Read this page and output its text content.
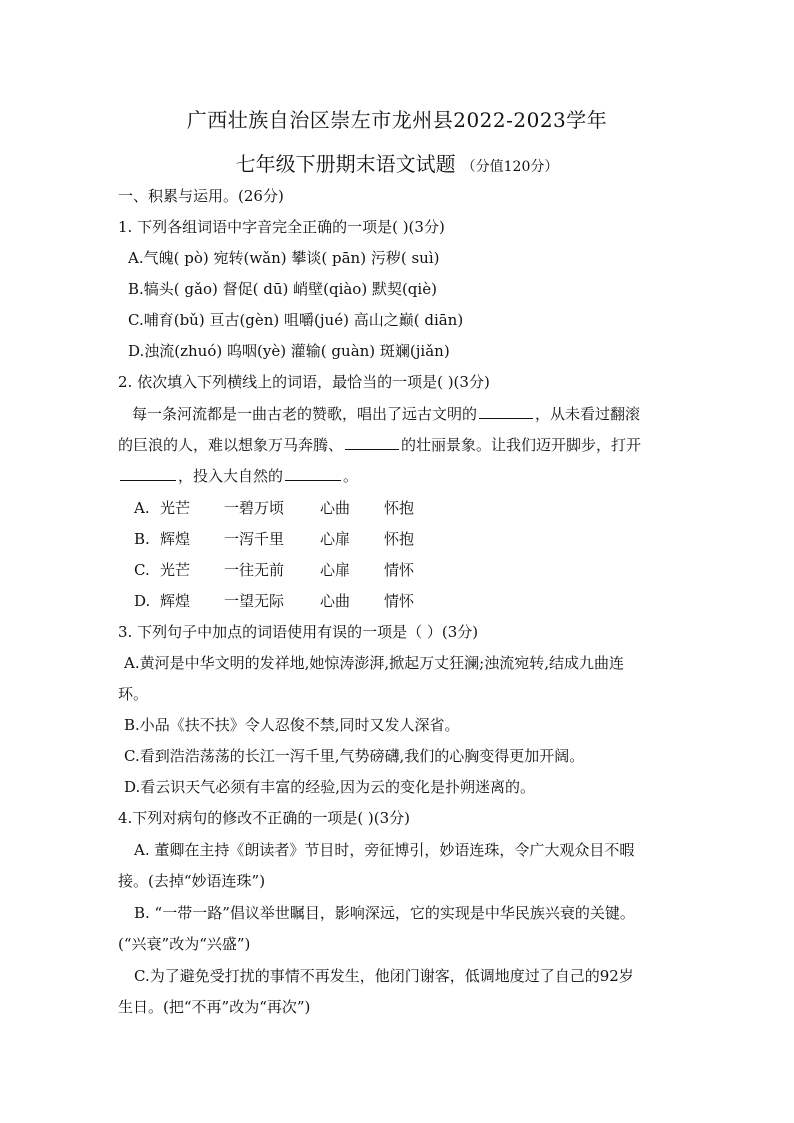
广西壮族自治区崇左市龙州县2022-2023学年
七年级下册期末语文试题 （分值120分）
一、积累与运用。(26分)
1. 下列各组词语中字音完全正确的一项是( )(3分)
A.气魄( pò) 宛转(wǎn) 攀谈( pān) 污秽( suì)
B.犒头( gǎo) 督促( dū) 峭壁(qiào) 默契(qiè)
C.哺育(bǔ) 亘古(gèn) 咀嚼(jué) 高山之巅( diān)
D.浊流(zhuó) 呜咽(yè) 灌输( guàn) 斑斓(jiǎn)
2. 依次填入下列横线上的词语，最恰当的一项是( )(3分)
每一条河流都是一曲古老的赞歌，唱出了远古文明的	，从未看过翻滚
的巨浪的人，难以想象万马奔腾、	的壮丽景象。让我们迈开脚步，打开
，投入大自然的	。
A. 光芒 一碧万顷 心曲 怀抱
B. 辉煌 一泻千里 心扉 怀抱
C. 光芒 一往无前 心扉 情怀
D. 辉煌 一望无际 心曲 情怀
3. 下列句子中加点的词语使用有误的一项是（ ）(3分)
A.黄河是中华文明的发祥地,她惊涛澎湃,掀起万丈狂澜;浊流宛转,结成九曲连
环。
B.小品《扶不扶》令人忍俊不禁,同时又发人深省。
C.看到浩浩荡荡的长江一泻千里,气势磅礴,我们的心胸变得更加开阔。
D.看云识天气必须有丰富的经验,因为云的变化是扑朔迷离的。
4.下列对病句的修改不正确的一项是( )(3分)
A. 董卿在主持《朗读者》节目时，旁征博引，妙语连珠，令广大观众目不暇
接。(去掉“妙语连珠”)
B. “一带一路”倡议举世瞩目，影响深远，它的实现是中华民族兴衰的关键。
(“兴衰”改为“兴盛”)
C.为了避免受打扰的事情不再发生，他闭门谢客，低调地度过了自己的92岁
生日。(把“不再”改为“再次”)
